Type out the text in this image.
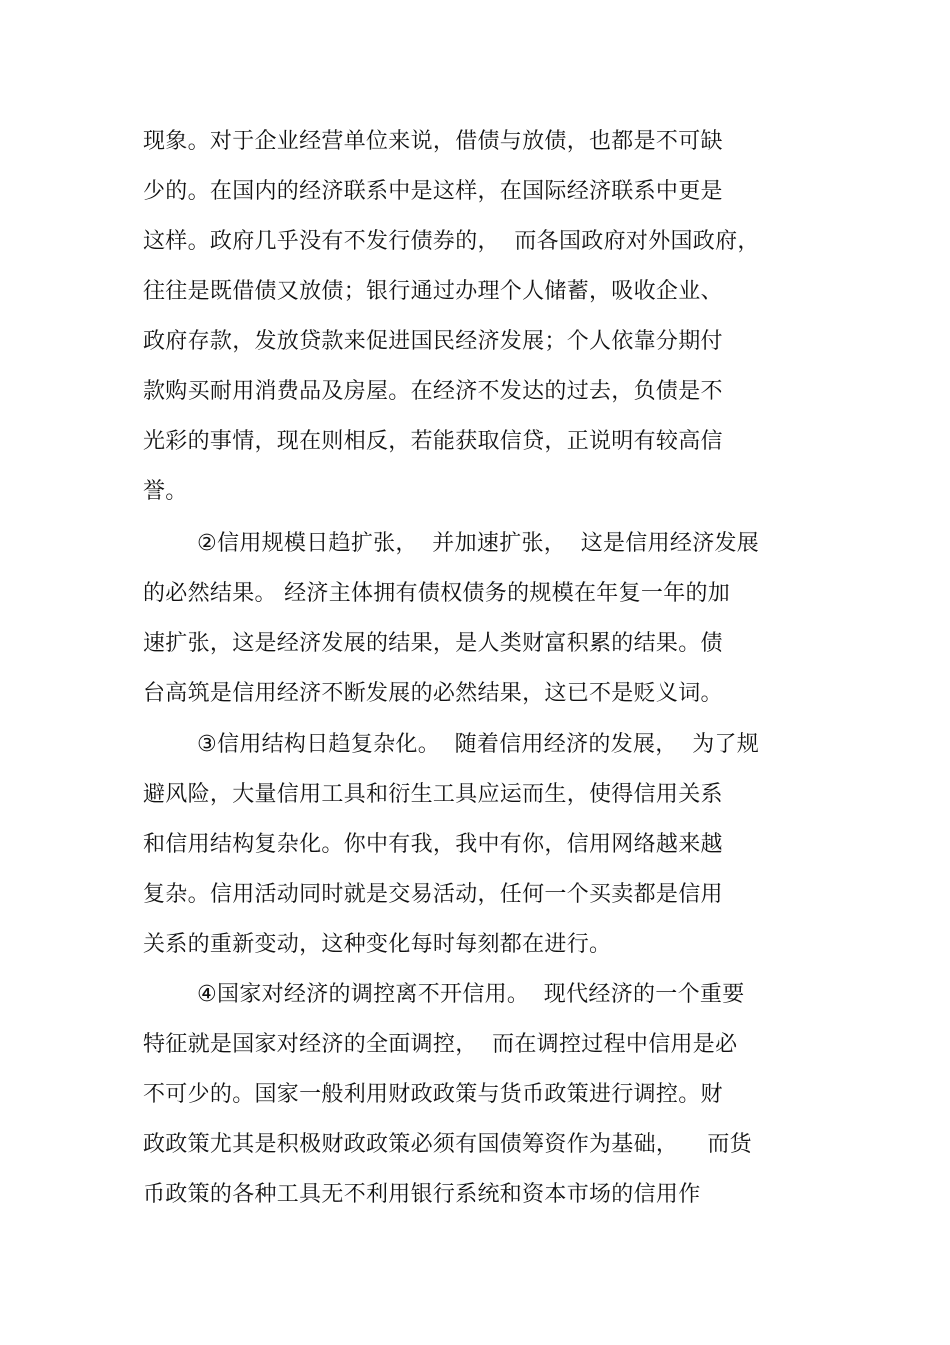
现象。对于企业经营单位来说，借债与放债，也都是不可缺
少的。在国内的经济联系中是这样，在国际经济联系中更是
这样。政府几乎没有不发行债券的，  而各国政府对外国政府，
往往是既借债又放债；银行通过办理个人储蓄，吸收企业、
政府存款，发放贷款来促进国民经济发展；个人依靠分期付
款购买耐用消费品及房屋。在经济不发达的过去，负债是不
光彩的事情，现在则相反，若能获取信贷，正说明有较高信
誉。
②信用规模日趋扩张，  并加速扩张，  这是信用经济发展
的必然结果。 经济主体拥有债权债务的规模在年复一年的加
速扩张，这是经济发展的结果，是人类财富积累的结果。债
台高筑是信用经济不断发展的必然结果，这已不是贬义词。
③信用结构日趋复杂化。  随着信用经济的发展，  为了规
避风险，大量信用工具和衍生工具应运而生，使得信用关系
和信用结构复杂化。你中有我，我中有你，信用网络越来越
复杂。信用活动同时就是交易活动，任何一个买卖都是信用
关系的重新变动，这种变化每时每刻都在进行。
④国家对经济的调控离不开信用。  现代经济的一个重要
特征就是国家对经济的全面调控，  而在调控过程中信用是必
不可少的。国家一般利用财政政策与货币政策进行调控。财
政政策尤其是积极财政政策必须有国债筹资作为基础，    而货
币政策的各种工具无不利用银行系统和资本市场的信用作
